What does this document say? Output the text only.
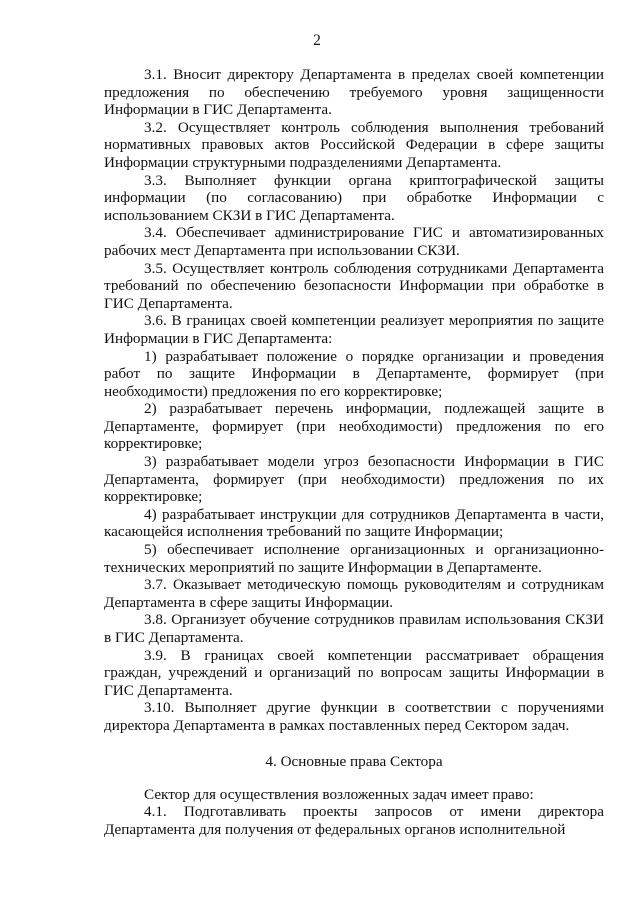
2

3.1. Вносит директору Департамента в пределах своей компетенции предложения по обеспечению требуемого уровня защищенности Информации в ГИС Департамента.

3.2. Осуществляет контроль соблюдения выполнения требований нормативных правовых актов Российской Федерации в сфере защиты Информации структурными подразделениями Департамента.

3.3. Выполняет функции органа криптографической защиты информации (по согласованию) при обработке Информации с использованием СКЗИ в ГИС Департамента.

3.4. Обеспечивает администрирование ГИС и автоматизированных рабочих мест Департамента при использовании СКЗИ.

3.5. Осуществляет контроль соблюдения сотрудниками Департамента требований по обеспечению безопасности Информации при обработке в ГИС Департамента.

3.6. В границах своей компетенции реализует мероприятия по защите Информации в ГИС Департамента:

1) разрабатывает положение о порядке организации и проведения работ по защите Информации в Департаменте, формирует (при необходимости) предложения по его корректировке;

2) разрабатывает перечень информации, подлежащей защите в Департаменте, формирует (при необходимости) предложения по его корректировке;

3) разрабатывает модели угроз безопасности Информации в ГИС Департамента, формирует (при необходимости) предложения по их корректировке;

4) разрабатывает инструкции для сотрудников Департамента в части, касающейся исполнения требований по защите Информации;

5) обеспечивает исполнение организационных и организационно-технических мероприятий по защите Информации в Департаменте.

3.7. Оказывает методическую помощь руководителям и сотрудникам Департамента в сфере защиты Информации.

3.8. Организует обучение сотрудников правилам использования СКЗИ в ГИС Департамента.

3.9. В границах своей компетенции рассматривает обращения граждан, учреждений и организаций по вопросам защиты Информации в ГИС Департамента.

3.10. Выполняет другие функции в соответствии с поручениями директора Департамента в рамках поставленных перед Сектором задач.

4. Основные права Сектора

Сектор для осуществления возложенных задач имеет право:

4.1. Подготавливать проекты запросов от имени директора Департамента для получения от федеральных органов исполнительной
